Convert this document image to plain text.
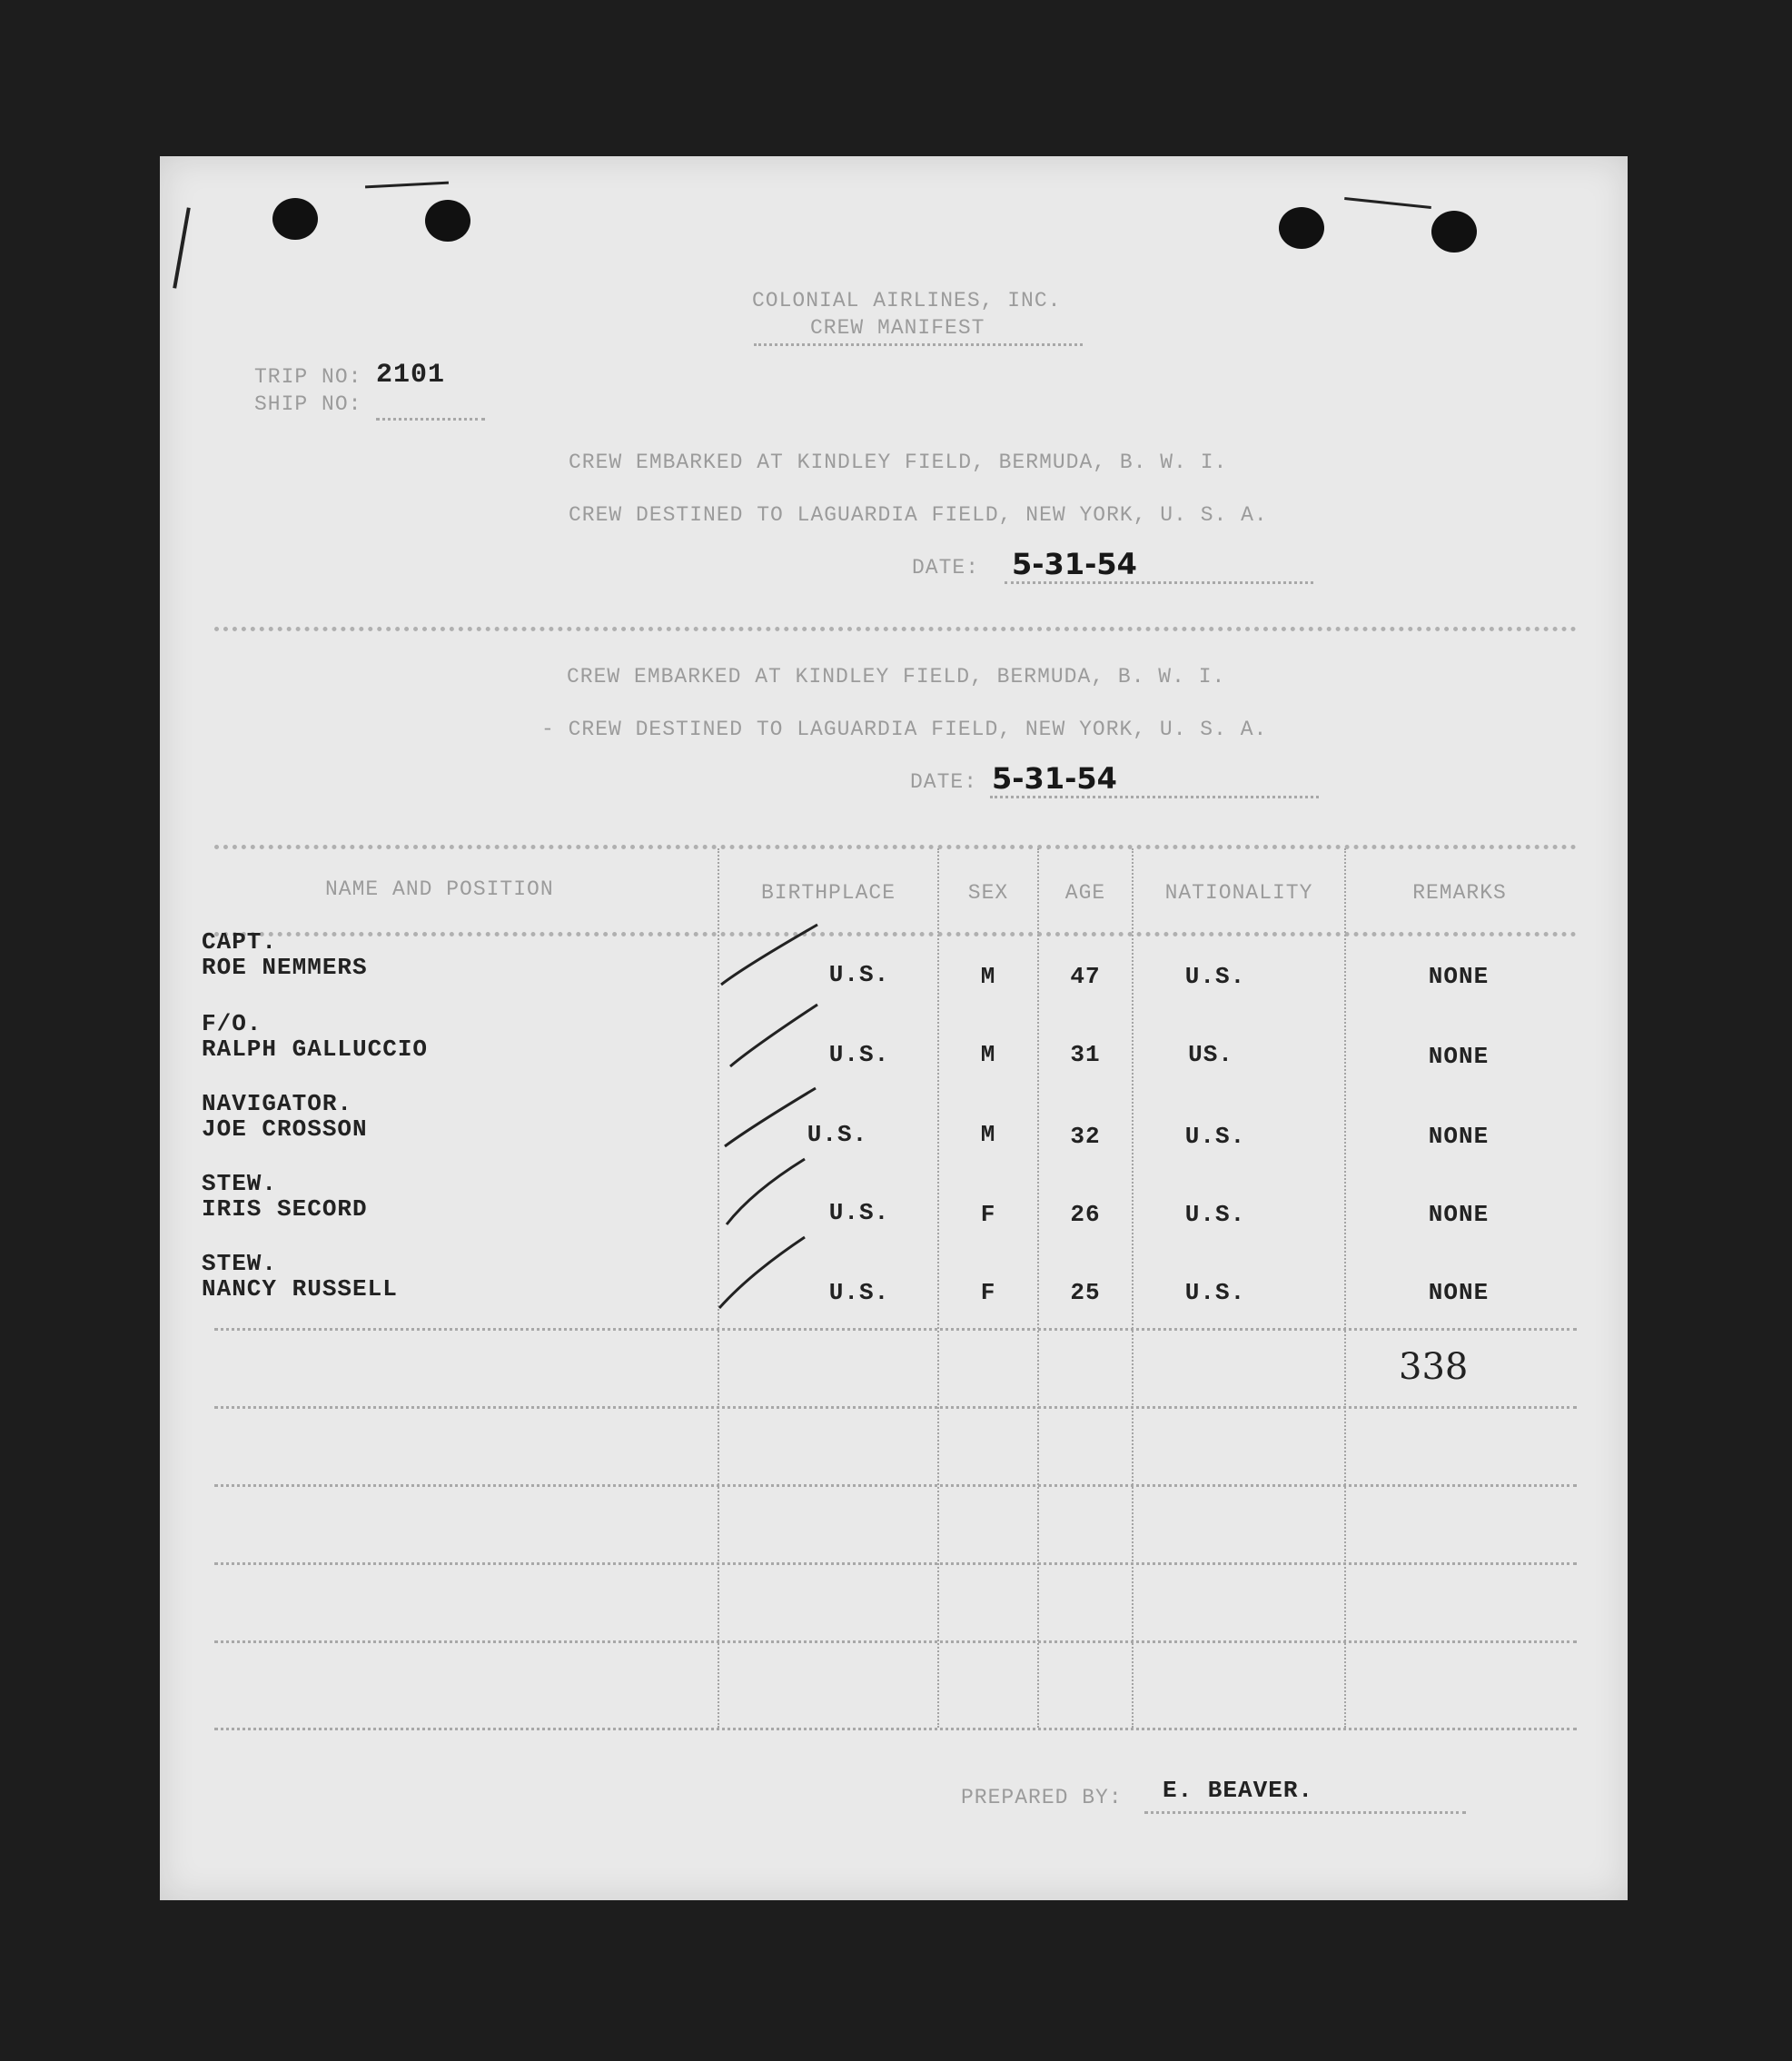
COLONIAL AIRLINES, INC.
CREW MANIFEST
TRIP NO: 2101
SHIP NO:
CREW EMBARKED AT KINDLEY FIELD, BERMUDA, B. W. I.
CREW DESTINED TO LAGUARDIA FIELD, NEW YORK, U. S. A.
DATE: 5-31-54
CREW EMBARKED AT KINDLEY FIELD, BERMUDA, B. W. I.
- CREW DESTINED TO LAGUARDIA FIELD, NEW YORK, U. S. A.
DATE: 5-31-54
NAME AND POSITION	BIRTHPLACE	SEX	AGE	NATIONALITY	REMARKS
CAPT.
ROE NEMMERS	U.S.	M	47	U.S.	NONE
F/O.
RALPH GALLUCCIO	U.S.	M	31	US.	NONE
NAVIGATOR.
JOE CROSSON	U.S.	M	32	U.S.	NONE
STEW.
IRIS SECORD	U.S.	F	26	U.S.	NONE
STEW.
NANCY RUSSELL	U.S.	F	25	U.S.	NONE
338
PREPARED BY: E. BEAVER.
